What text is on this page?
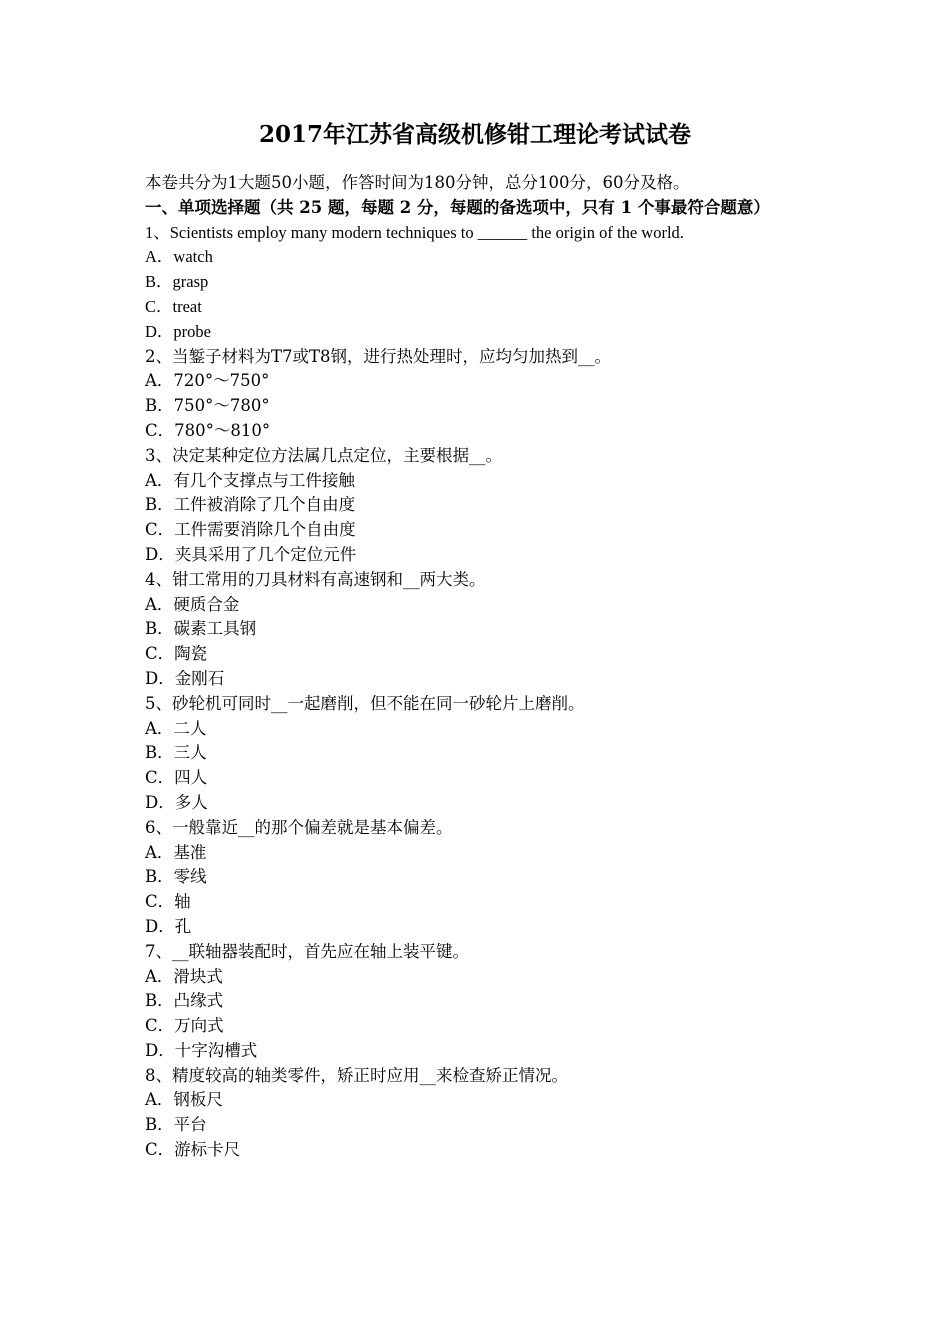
2017年江苏省高级机修钳工理论考试试卷
本卷共分为1大题50小题，作答时间为180分钟，总分100分，60分及格。
一、单项选择题（共 25 题，每题 2 分，每题的备选项中，只有 1 个事最符合题意）
1、Scientists employ many modern techniques to ______ the origin of the world.
A．watch
B．grasp
C．treat
D．probe
2、当錾子材料为T7或T8钢，进行热处理时，应均匀加热到__。
A．720°～750°
B．750°～780°
C．780°～810°
3、决定某种定位方法属几点定位，主要根据__。
A．有几个支撑点与工件接触
B．工件被消除了几个自由度
C．工件需要消除几个自由度
D．夹具采用了几个定位元件
4、钳工常用的刀具材料有高速钢和__两大类。
A．硬质合金
B．碳素工具钢
C．陶瓷
D．金刚石
5、砂轮机可同时__一起磨削，但不能在同一砂轮片上磨削。
A．二人
B．三人
C．四人
D．多人
6、一般靠近__的那个偏差就是基本偏差。
A．基准
B．零线
C．轴
D．孔
7、__联轴器装配时，首先应在轴上装平键。
A．滑块式
B．凸缘式
C．万向式
D．十字沟槽式
8、精度较高的轴类零件，矫正时应用__来检查矫正情况。
A．钢板尺
B．平台
C．游标卡尺
